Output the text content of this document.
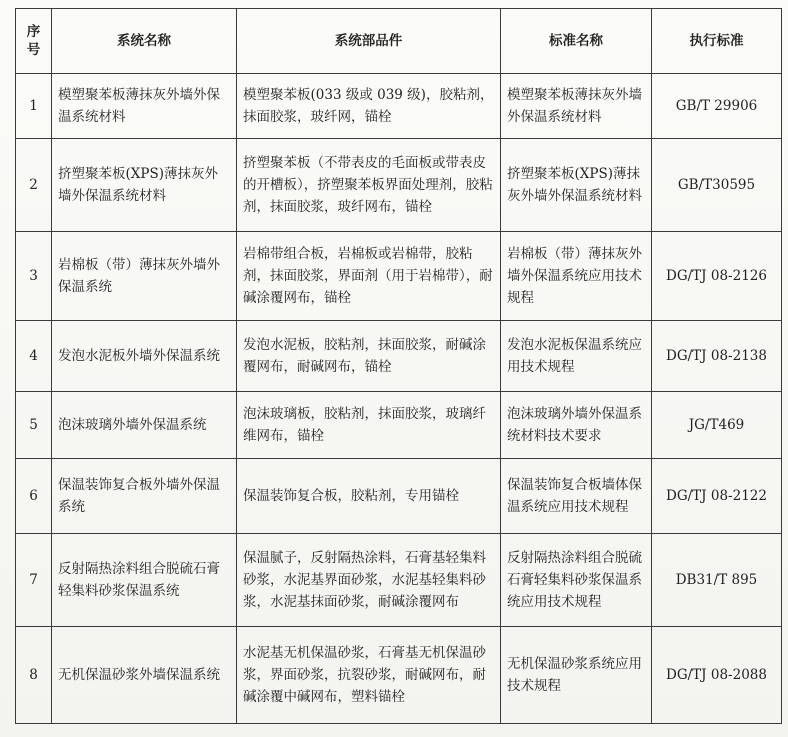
序号	系统名称	系统部品件	标准名称	执行标准
1	模塑聚苯板薄抹灰外墙外保温系统材料	模塑聚苯板(033 级或 039 级)，胶粘剂，抹面胶浆，玻纤网，锚栓	模塑聚苯板薄抹灰外墙外保温系统材料	GB/T 29906
2	挤塑聚苯板(XPS)薄抹灰外墙外保温系统材料	挤塑聚苯板（不带表皮的毛面板或带表皮的开槽板），挤塑聚苯板界面处理剂，胶粘剂，抹面胶浆，玻纤网布，锚栓	挤塑聚苯板(XPS)薄抹灰外墙外保温系统材料	GB/T30595
3	岩棉板（带）薄抹灰外墙外保温系统	岩棉带组合板，岩棉板或岩棉带，胶粘剂，抹面胶浆，界面剂（用于岩棉带），耐碱涂覆网布，锚栓	岩棉板（带）薄抹灰外墙外保温系统应用技术规程	DG/TJ 08-2126
4	发泡水泥板外墙外保温系统	发泡水泥板，胶粘剂，抹面胶浆，耐碱涂覆网布，耐碱网布，锚栓	发泡水泥板保温系统应用技术规程	DG/TJ 08-2138
5	泡沫玻璃外墙外保温系统	泡沫玻璃板，胶粘剂，抹面胶浆，玻璃纤维网布，锚栓	泡沫玻璃外墙外保温系统材料技术要求	JG/T469
6	保温装饰复合板外墙外保温系统	保温装饰复合板，胶粘剂，专用锚栓	保温装饰复合板墙体保温系统应用技术规程	DG/TJ 08-2122
7	反射隔热涂料组合脱硫石膏轻集料砂浆保温系统	保温腻子，反射隔热涂料，石膏基轻集料砂浆，水泥基界面砂浆，水泥基轻集料砂浆，水泥基抹面砂浆，耐碱涂覆网布	反射隔热涂料组合脱硫石膏轻集料砂浆保温系统应用技术规程	DB31/T 895
8	无机保温砂浆外墙保温系统	水泥基无机保温砂浆，石膏基无机保温砂浆，界面砂浆，抗裂砂浆，耐碱网布，耐碱涂覆中碱网布，塑料锚栓	无机保温砂浆系统应用技术规程	DG/TJ 08-2088
